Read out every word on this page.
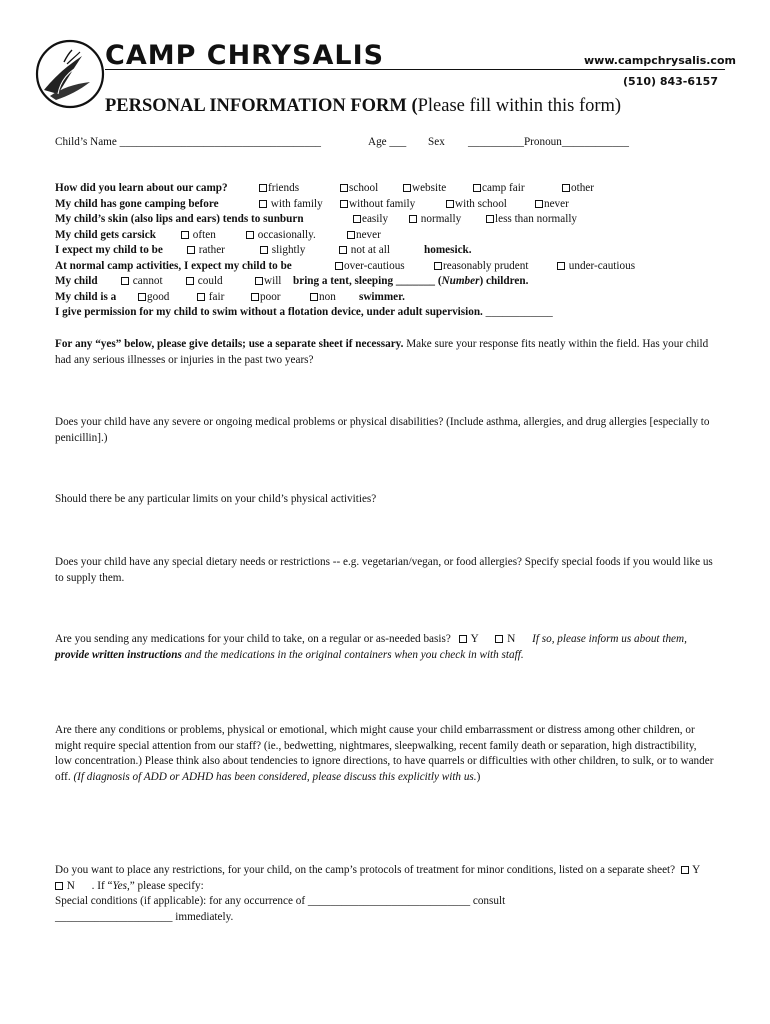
CAMP CHRYSALIS	www.campchrysalis.com
(510) 843-6157
PERSONAL INFORMATION FORM (Please fill within this form)
Child’s Name ____________________________________	Age ___ Sex __________Pronoun____________
How did you learn about our camp?	friends	school	website	camp fair	other
My child has gone camping before	with family	without family	with school	never
My child’s skin (also lips and ears) tends to sunburn	easily	normally	less than normally
My child gets carsick	often	occasionally.	never
I expect my child to be	rather	slightly	not at all	homesick.
At normal camp activities, I expect my child to be	over-cautious	reasonably prudent	under-cautious
My child	cannot	could	will bring a tent, sleeping _______ (Number) children.
My child is a	good	fair	poor	non swimmer.
I give permission for my child to swim without a flotation device, under adult supervision. ____________
For any “yes” below, please give details; use a separate sheet if necessary. Make sure your response fits neatly within the field. Has your child had any serious illnesses or injuries in the past two years?
Does your child have any severe or ongoing medical problems or physical disabilities? (Include asthma, allergies, and drug allergies [especially to penicillin].)
Should there be any particular limits on your child’s physical activities?
Does your child have any special dietary needs or restrictions -- e.g. vegetarian/vegan, or food allergies? Specify special foods if you would like us to supply them.
Are you sending any medications for your child to take, on a regular or as-needed basis? Y	N If so, please inform us about them, provide written instructions and the medications in the original containers when you check in with staff.
Are there any conditions or problems, physical or emotional, which might cause your child embarrassment or distress among other children, or might require special attention from our staff? (ie., bedwetting, nightmares, sleepwalking, recent family death or separation, high distractibility, low concentration.) Please think also about tendencies to ignore directions, to have quarrels or difficulties with other children, to sulk, or to wander off. (If diagnosis of ADD or ADHD has been considered, please discuss this explicitly with us.)
Do you want to place any restrictions, for your child, on the camp’s protocols of treatment for minor conditions, listed on a separate sheet? Y       N . If “Yes,” please specify:
Special conditions (if applicable): for any occurrence of _____________________________ consult
_____________________ immediately.
